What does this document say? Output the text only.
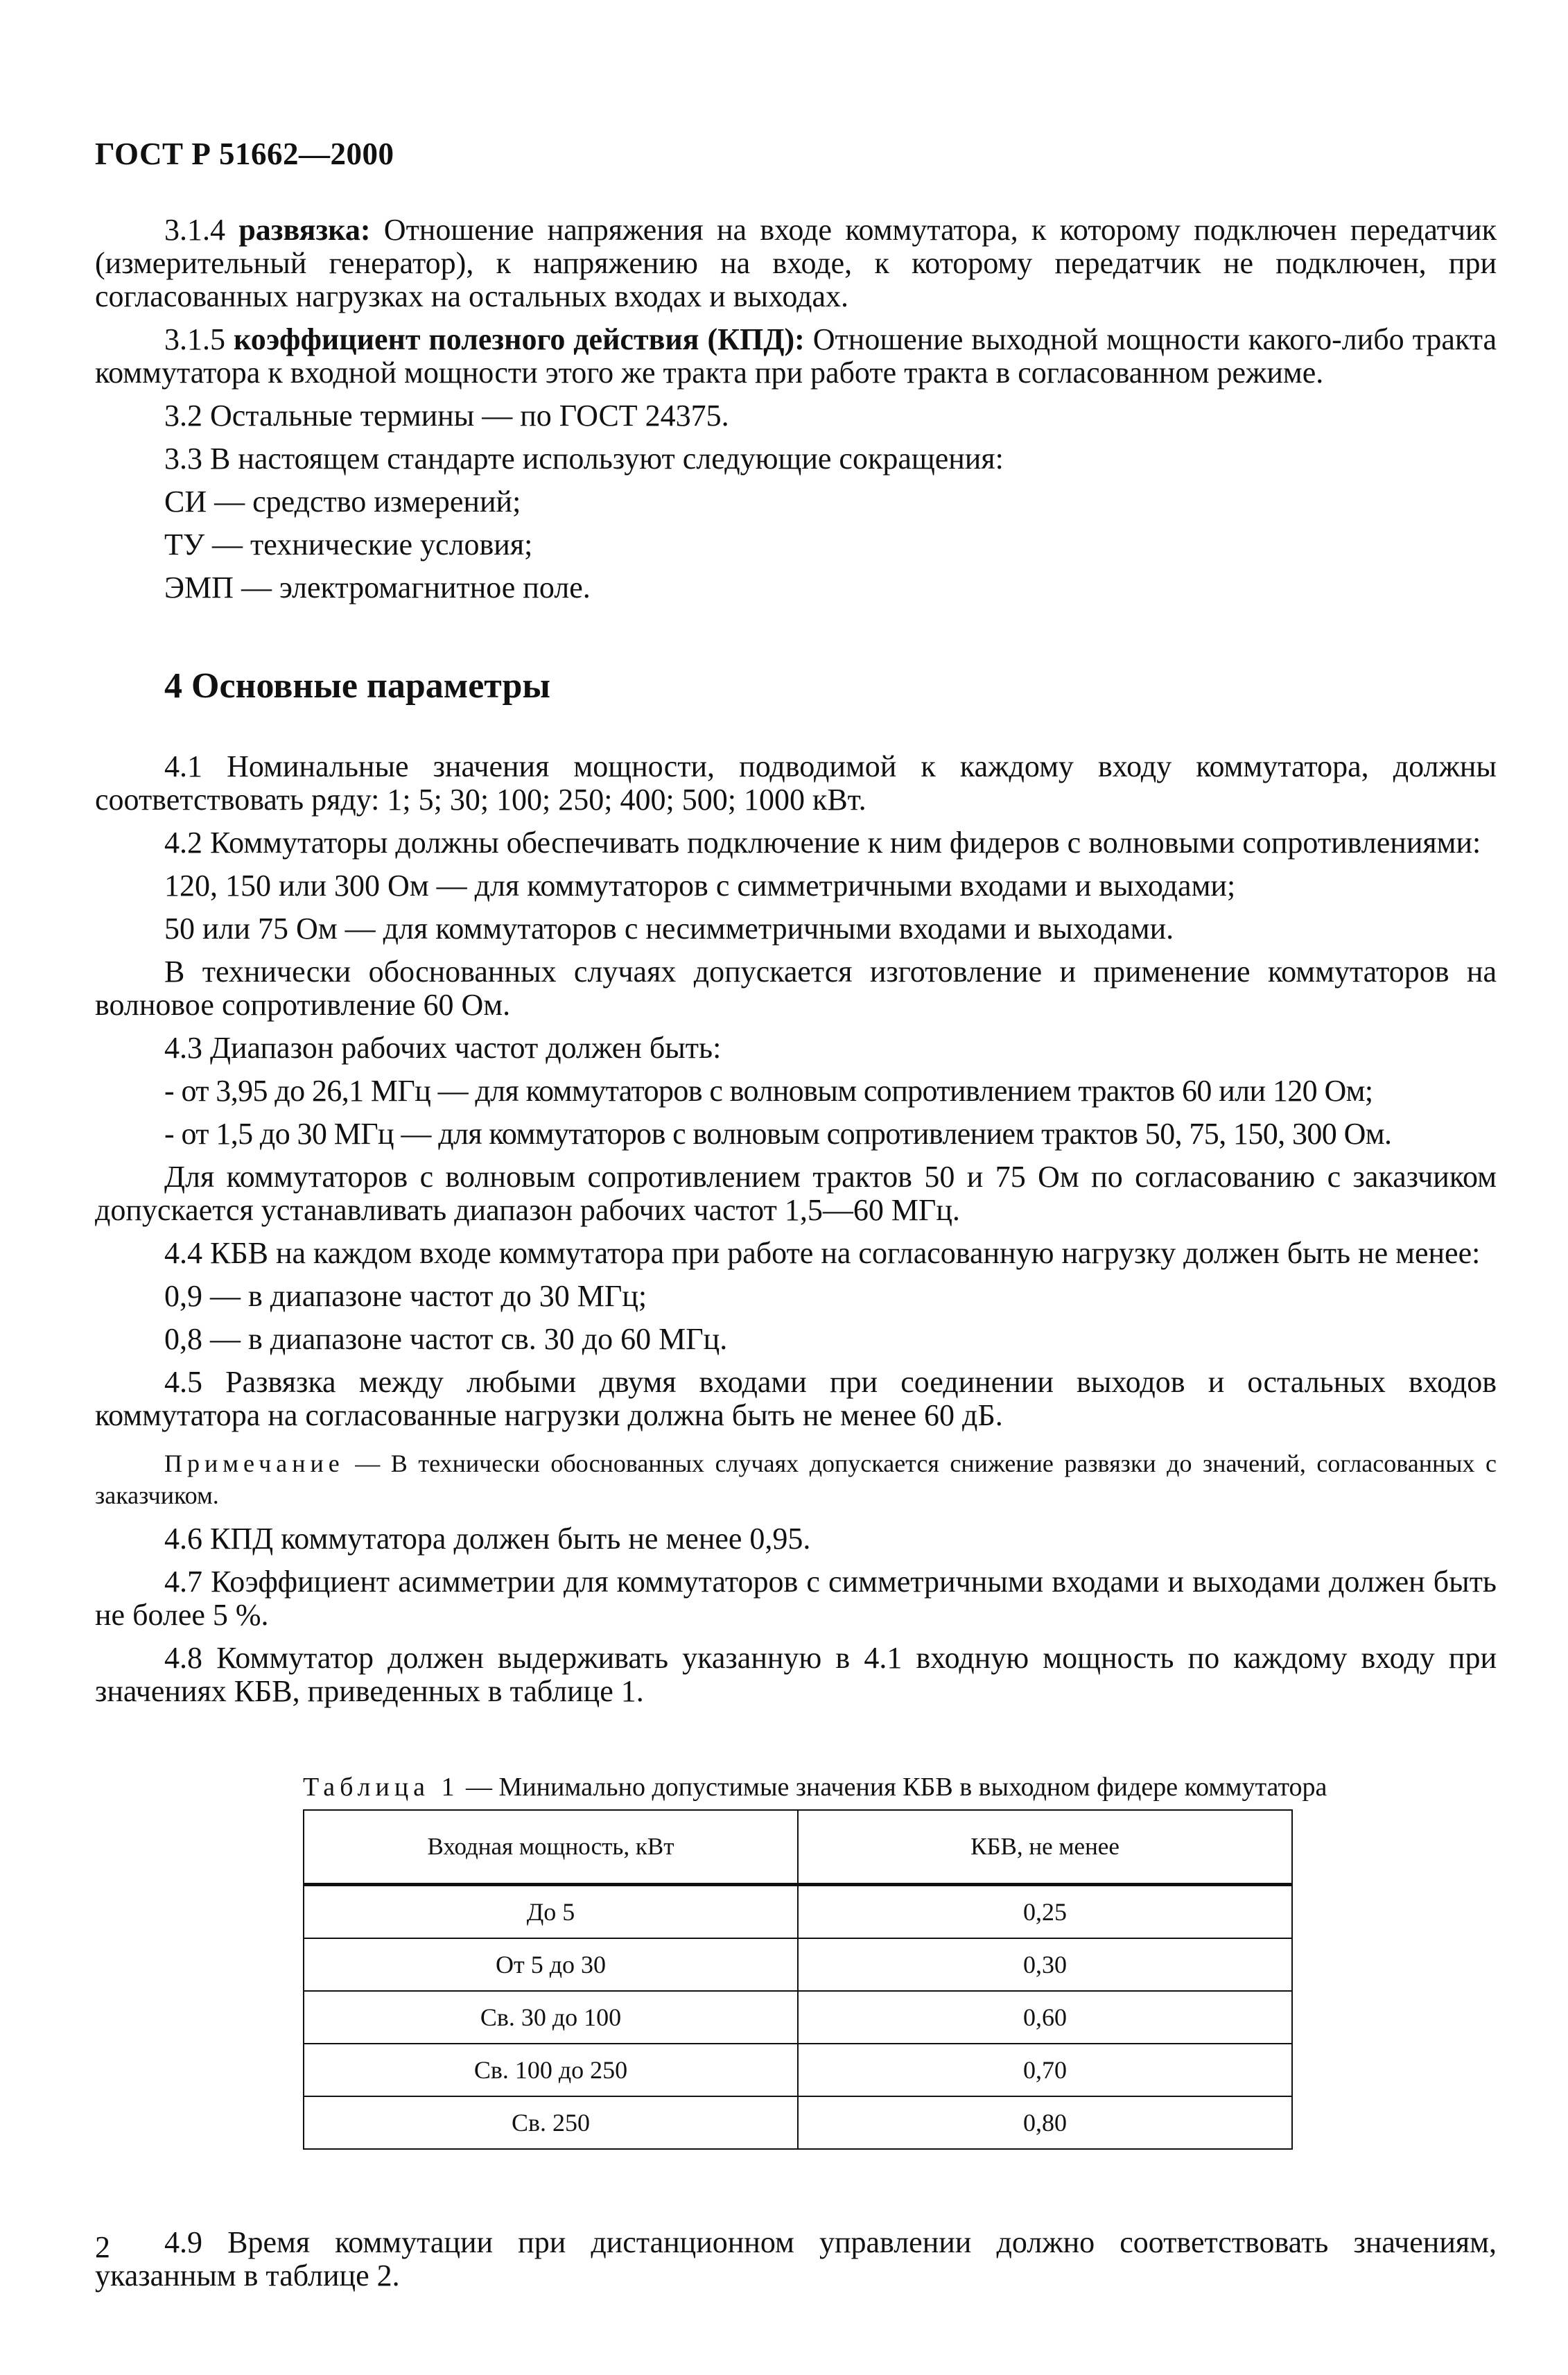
ГОСТ Р 51662—2000

3.1.4 развязка: Отношение напряжения на входе коммутатора, к которому подключен передатчик (измерительный генератор), к напряжению на входе, к которому передатчик не подключен, при согласованных нагрузках на остальных входах и выходах.

3.1.5 коэффициент полезного действия (КПД): Отношение выходной мощности какого-либо тракта коммутатора к входной мощности этого же тракта при работе тракта в согласованном режиме.

3.2 Остальные термины — по ГОСТ 24375.

3.3 В настоящем стандарте используют следующие сокращения:

СИ — средство измерений;

ТУ — технические условия;

ЭМП — электромагнитное поле.

4 Основные параметры

4.1 Номинальные значения мощности, подводимой к каждому входу коммутатора, должны соответствовать ряду: 1; 5; 30; 100; 250; 400; 500; 1000 кВт.

4.2 Коммутаторы должны обеспечивать подключение к ним фидеров с волновыми сопротивлениями:

120, 150 или 300 Ом — для коммутаторов с симметричными входами и выходами;

50 или 75 Ом — для коммутаторов с несимметричными входами и выходами.

В технически обоснованных случаях допускается изготовление и применение коммутаторов на волновое сопротивление 60 Ом.

4.3 Диапазон рабочих частот должен быть:

- от 3,95 до 26,1 МГц — для коммутаторов с волновым сопротивлением трактов 60 или 120 Ом;

- от 1,5 до 30 МГц — для коммутаторов с волновым сопротивлением трактов 50, 75, 150, 300 Ом.

Для коммутаторов с волновым сопротивлением трактов 50 и 75 Ом по согласованию с заказчиком допускается устанавливать диапазон рабочих частот 1,5—60 МГц.

4.4 КБВ на каждом входе коммутатора при работе на согласованную нагрузку должен быть не менее:

0,9 — в диапазоне частот до 30 МГц;

0,8 — в диапазоне частот св. 30 до 60 МГц.

4.5 Развязка между любыми двумя входами при соединении выходов и остальных входов коммутатора на согласованные нагрузки должна быть не менее 60 дБ.

Примечание — В технически обоснованных случаях допускается снижение развязки до значений, согласованных с заказчиком.

4.6 КПД коммутатора должен быть не менее 0,95.

4.7 Коэффициент асимметрии для коммутаторов с симметричными входами и выходами должен быть не более 5 %.

4.8 Коммутатор должен выдерживать указанную в 4.1 входную мощность по каждому входу при значениях КБВ, приведенных в таблице 1.

Таблица 1 — Минимально допустимые значения КБВ в выходном фидере коммутатора
Входная мощность, кВт	КБВ, не менее
До 5	0,25
От 5 до 30	0,30
Св. 30 до 100	0,60
Св. 100 до 250	0,70
Св. 250	0,80

4.9 Время коммутации при дистанционном управлении должно соответствовать значениям, указанным в таблице 2.

2
